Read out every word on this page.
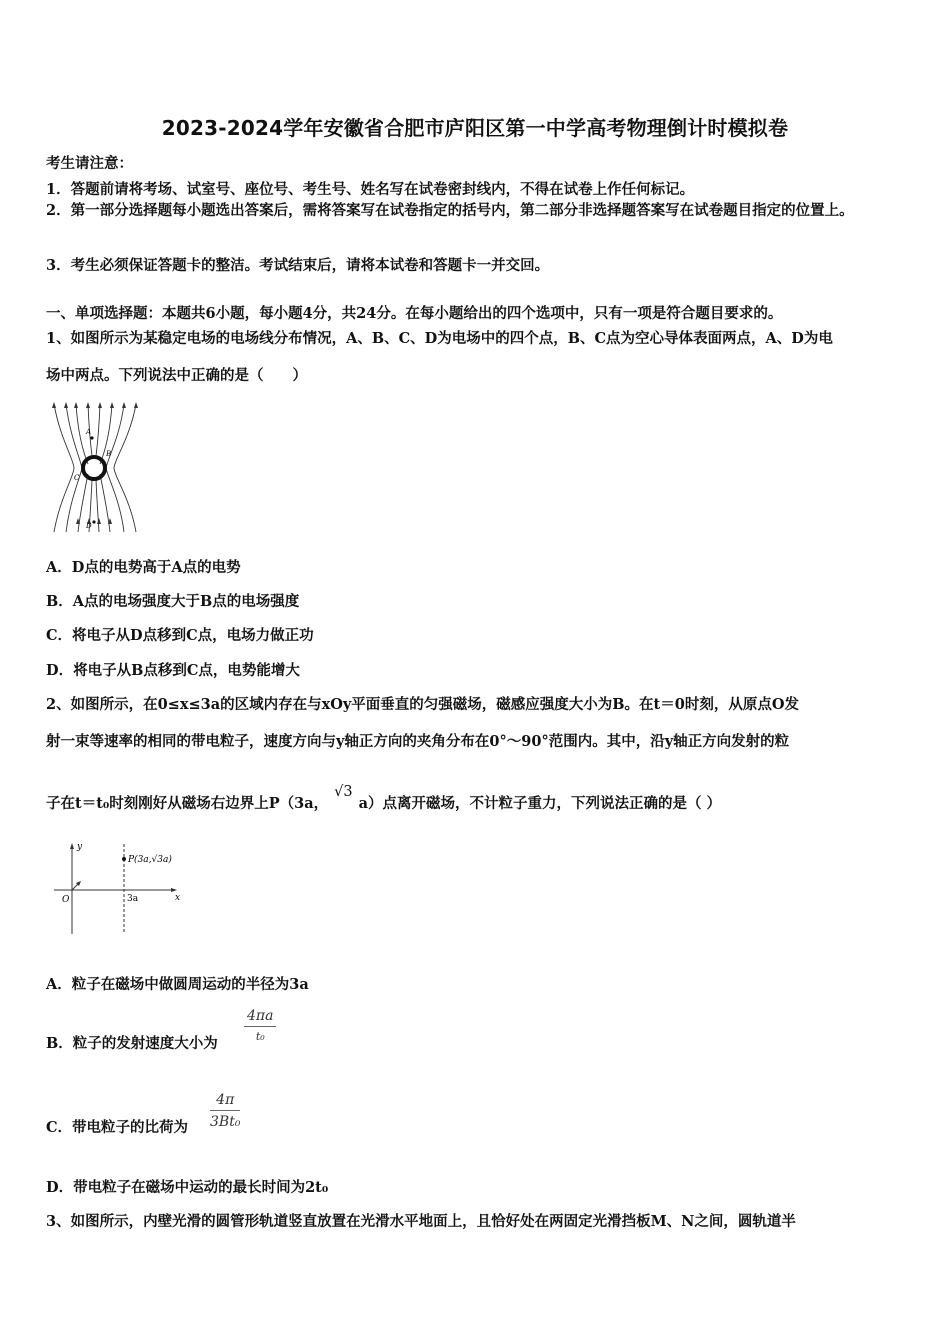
2023-2024学年安徽省合肥市庐阳区第一中学高考物理倒计时模拟卷
考生请注意：
1．答题前请将考场、试室号、座位号、考生号、姓名写在试卷密封线内，不得在试卷上作任何标记。
2．第一部分选择题每小题选出答案后，需将答案写在试卷指定的括号内，第二部分非选择题答案写在试卷题目指定的位置上。
3．考生必须保证答题卡的整洁。考试结束后，请将本试卷和答题卡一并交回。
一、单项选择题：本题共6小题，每小题4分，共24分。在每小题给出的四个选项中，只有一项是符合题目要求的。
1、如图所示为某稳定电场的电场线分布情况，A、B、C、D为电场中的四个点，B、C点为空心导体表面两点，A、D为电
场中两点。下列说法中正确的是（　　）
A
B
C
D
A．D点的电势高于A点的电势
B．A点的电场强度大于B点的电场强度
C．将电子从D点移到C点，电场力做正功
D．将电子从B点移到C点，电势能增大
2、如图所示，在0≤x≤3a的区域内存在与xOy平面垂直的匀强磁场，磁感应强度大小为B。在t＝0时刻，从原点O发
射一束等速率的相同的带电粒子，速度方向与y轴正方向的夹角分布在0°～90°范围内。其中，沿y轴正方向发射的粒
子在t＝t₀时刻刚好从磁场右边界上P（3a，√3a）点离开磁场，不计粒子重力，下列说法正确的是（ ）
y
x
O	3a
P(3a,√3a)
A．粒子在磁场中做圆周运动的半径为3a
B．粒子的发射速度大小为
4πa
t₀
C．带电粒子的比荷为 $\frac{4\pi}{\text{3Bt₀}}$
D．带电粒子在磁场中运动的最长时间为2t₀
3、如图所示，内壁光滑的圆管形轨道竖直放置在光滑水平地面上，且恰好处在两固定光滑挡板M、N之间，圆轨道半
